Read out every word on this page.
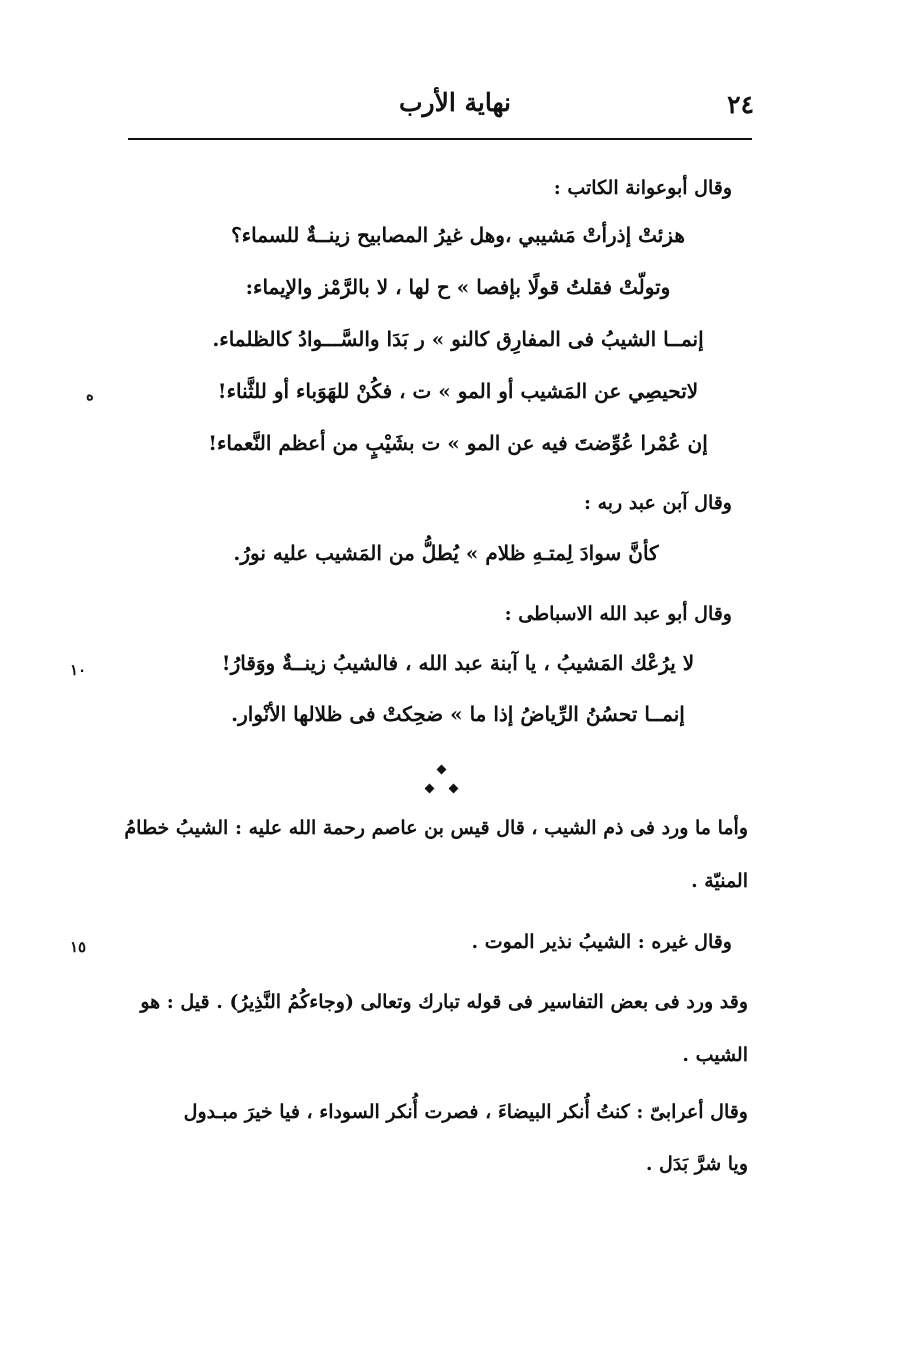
نهاية الأرب	٢٤
وقال أبوعوانة الكاتب :
هزئتْ إذرأتْ مَشيبي ،وهل غيرُ المصابيح زينــةٌ للسماء؟
وتولّتْ فقلتُ قولًا بإفصا » ح لها ، لا بالرَّمْز والإيماء:
إنمــا الشيبُ فى المفارِق كالنو » ر بَدَا والسَّـــوادُ كالظلماء.
لاتحيصِي عن المَشيب أو المو » ت ، فكُنْ للهَوَباء أو للثَّناء!
إن عُمْرا عُوِّضتَ فيه عن المو » ت بشَيْبٍ من أعظم النَّعماء!
ه
وقال آبن عبد ربه :
كأنَّ سوادَ لِمتـهِ ظلام » يُطلُّ من المَشيب عليه نورُ.
وقال أبو عبد الله الاسباطى :
لا يرُعْك المَشيبُ ، يا آبنة عبد الله ، فالشيبُ زينــةٌ ووَقارُ!
إنمــا تحسُنُ الرِّياضُ إذا ما » ضحِكتْ فى ظلالها الأنْوار.
١٠
وأما ما ورد فى ذم الشيب ، قال قيس بن عاصم رحمة الله عليه : الشيبُ خطامُ
المنيّة .
وقال غيره : الشيبُ نذير الموت .
١٥
وقد ورد فى بعض التفاسير فى قوله تبارك وتعالى (وجاءكُمُ النَّذِيرُ) . قيل : هو
الشيب .
وقال أعرابىّ : كنتُ أُنكر البيضاءَ ، فصرت أُنكر السوداء ، فيا خيرَ مبـدول
ويا شرَّ بَدَل .
